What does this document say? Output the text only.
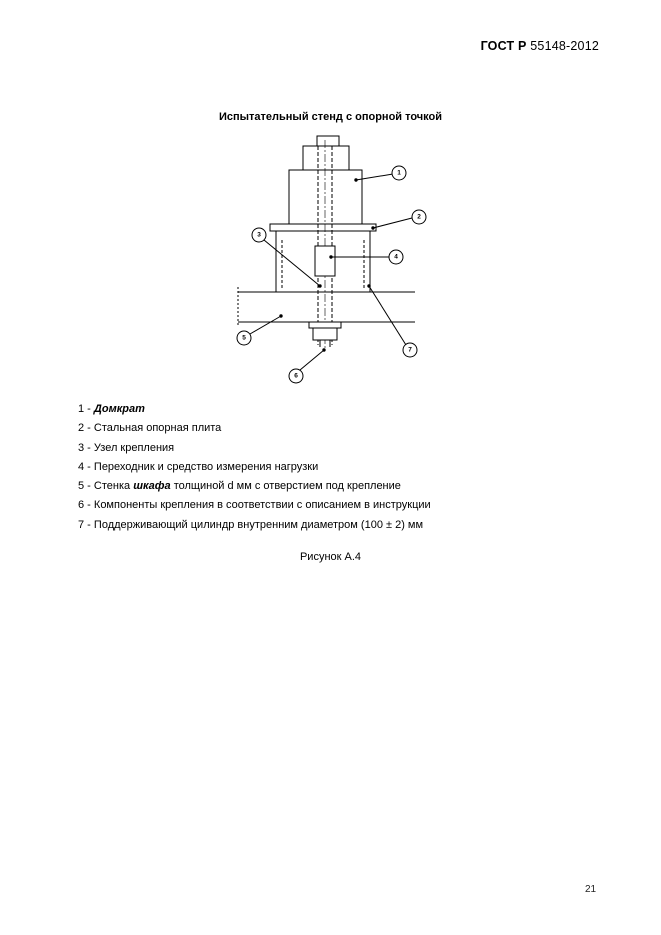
ГОСТ Р 55148-2012
Испытательный стенд с опорной точкой
1
2
3
4
5
6
7
1 - Домкрат
2 - Стальная опорная плита
3 - Узел крепления
4 - Переходник и средство измерения нагрузки
5 - Стенка шкафа толщиной d мм с отверстием под крепление
6 - Компоненты крепления в соответствии с описанием в инструкции
7 - Поддерживающий цилиндр внутренним диаметром (100 ± 2) мм
Рисунок А.4
21
